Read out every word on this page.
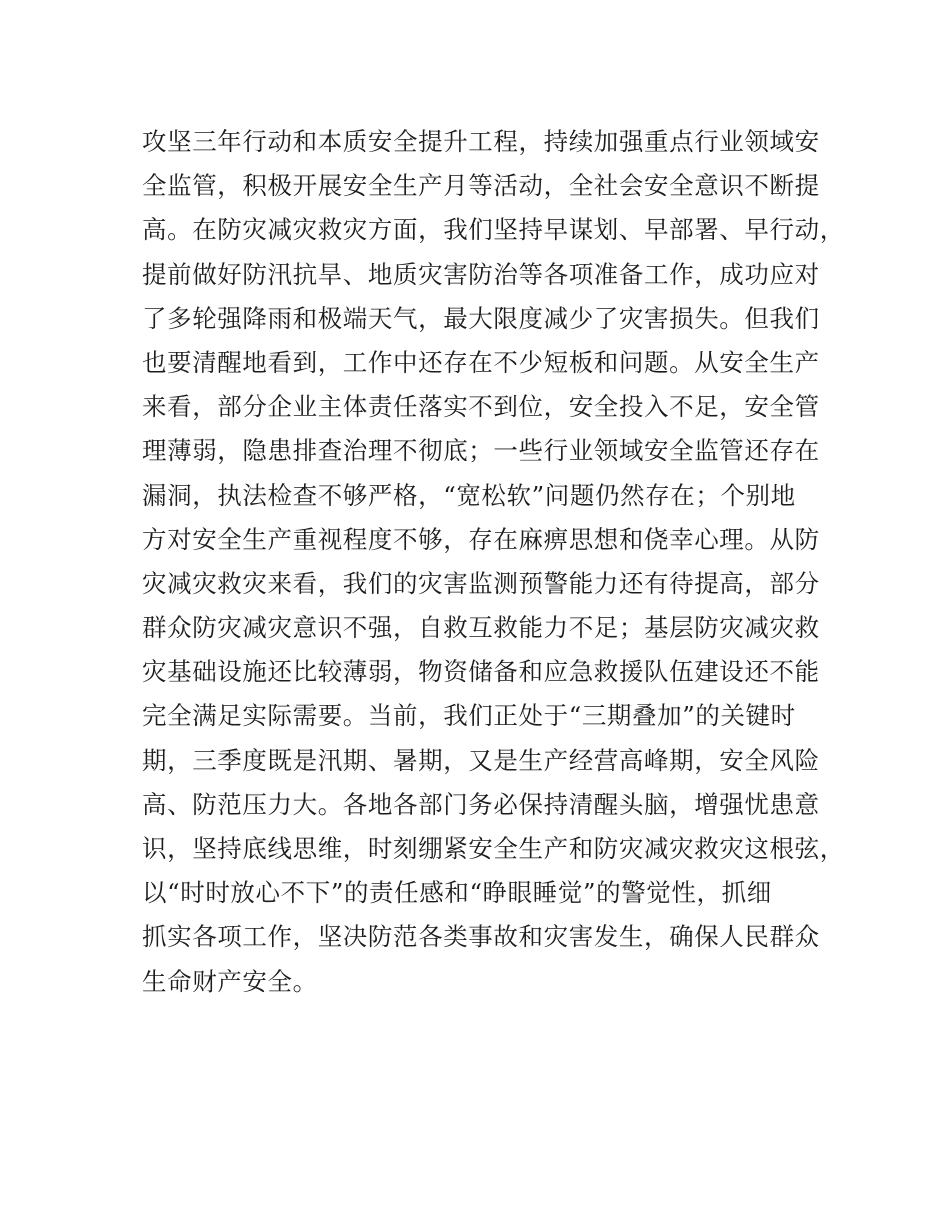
攻坚三年行动和本质安全提升工程，持续加强重点行业领域安
全监管，积极开展安全生产月等活动，全社会安全意识不断提
高。在防灾减灾救灾方面，我们坚持早谋划、早部署、早行动，
提前做好防汛抗旱、地质灾害防治等各项准备工作，成功应对
了多轮强降雨和极端天气，最大限度减少了灾害损失。但我们
也要清醒地看到，工作中还存在不少短板和问题。从安全生产
来看，部分企业主体责任落实不到位，安全投入不足，安全管
理薄弱，隐患排查治理不彻底；一些行业领域安全监管还存在
漏洞，执法检查不够严格，“宽松软”问题仍然存在；个别地
方对安全生产重视程度不够，存在麻痹思想和侥幸心理。从防
灾减灾救灾来看，我们的灾害监测预警能力还有待提高，部分
群众防灾减灾意识不强，自救互救能力不足；基层防灾减灾救
灾基础设施还比较薄弱，物资储备和应急救援队伍建设还不能
完全满足实际需要。当前，我们正处于“三期叠加”的关键时
期，三季度既是汛期、暑期，又是生产经营高峰期，安全风险
高、防范压力大。各地各部门务必保持清醒头脑，增强忧患意
识，坚持底线思维，时刻绷紧安全生产和防灾减灾救灾这根弦，
以“时时放心不下”的责任感和“睁眼睡觉”的警觉性，抓细
抓实各项工作，坚决防范各类事故和灾害发生，确保人民群众
生命财产安全。
